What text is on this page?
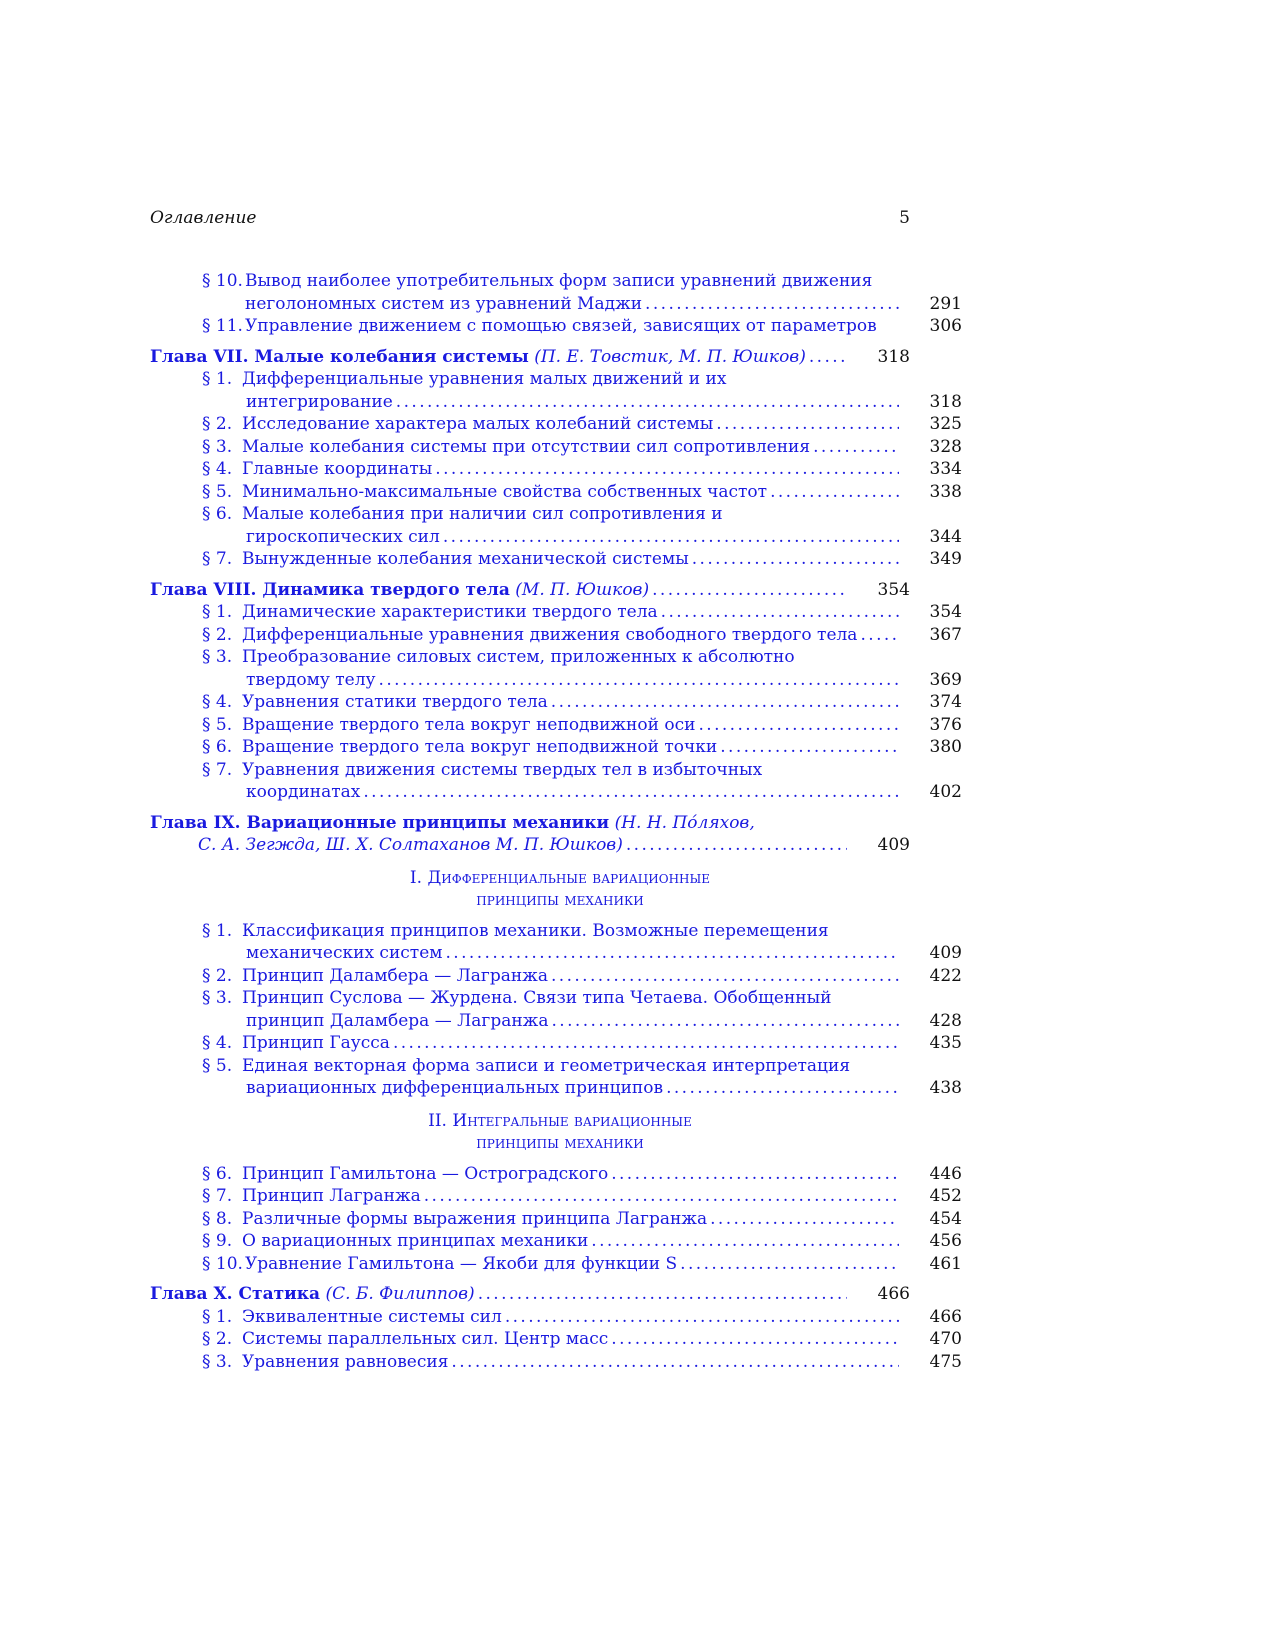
Оглавление	5
§ 10. Вывод наиболее употребительных форм записи уравнений движения
неголономных систем из уравнений Маджи . . .	291
§ 11. Управление движением с помощью связей, зависящих от параметров	306
Глава VII. Малые колебания системы
(П. Е. Товстик, М. П. Юшков) . . .	318
§ 1. Дифференциальные уравнения малых движений и их
интегрирование . . .	318
§ 2. Исследование характера малых колебаний системы . . .	325
§ 3. Малые колебания системы при отсутствии сил сопротивления . . .	328
§ 4. Главные координаты . . .	334
§ 5. Минимально-максимальные свойства собственных частот . . .	338
§ 6. Малые колебания при наличии сил сопротивления и
гироскопических сил . . .	344
§ 7. Вынужденные колебания механической системы . . .	349
Глава VIII. Динамика твердого тела
(М. П. Юшков) . . .	354
§ 1. Динамические характеристики твердого тела . . .	354
§ 2. Дифференциальные уравнения движения свободного твердого тела . . .	367
§ 3. Преобразование силовых систем, приложенных к абсолютно
твердому телу . . .	369
§ 4. Уравнения статики твердого тела . . .	374
§ 5. Вращение твердого тела вокруг неподвижной оси . . .	376
§ 6. Вращение твердого тела вокруг неподвижной точки . . .	380
§ 7. Уравнения движения системы твердых тел в избыточных
координатах . . .	402
Глава IX. Вариационные принципы механики
(Н. Н. По́ляхов,
С. А. Зегжда, Ш. Х. Солтаханов М. П. Юшков) . . .	409
I. Дифференциальные вариационные
принципы механики
§ 1. Классификация принципов механики. Возможные перемещения
механических систем . . .	409
§ 2. Принцип Даламбера — Лагранжа . . .	422
§ 3. Принцип Суслова — Журдена. Связи типа Четаева. Обобщенный
принцип Даламбера — Лагранжа . . .	428
§ 4. Принцип Гаусса . . .	435
§ 5. Единая векторная форма записи и геометрическая интерпретация
вариационных дифференциальных принципов . . .	438
II. Интегральные вариационные
принципы механики
§ 6. Принцип Гамильтона — Остроградского . . .	446
§ 7. Принцип Лагранжа . . .	452
§ 8. Различные формы выражения принципа Лагранжа . . .	454
§ 9. О вариационных принципах механики . . .	456
§ 10. Уравнение Гамильтона — Якоби для функции S . . .	461
Глава X. Статика
(С. Б. Филиппов) . . .	466
§ 1. Эквивалентные системы сил . . .	466
§ 2. Системы параллельных сил. Центр масс . . .	470
§ 3. Уравнения равновесия . . .	475
